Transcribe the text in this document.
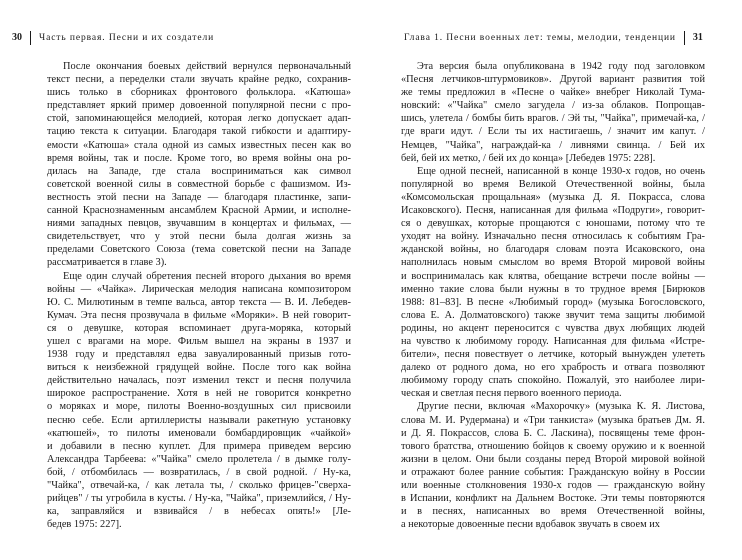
30 Часть первая. Песни и их создатели
После окончания боевых действий вернулся первоначальный
текст песни, а переделки стали звучать крайне редко, сохранив-
шись только в сборниках фронтового фольклора. «Катюша»
представляет яркий пример довоенной популярной песни с про-
стой, запоминающейся мелодией, которая легко допускает адап-
тацию текста к ситуации. Благодаря такой гибкости и адаптиру-
емости «Катюша» стала одной из самых известных песен как во
время войны, так и после. Кроме того, во время войны она ро-
дилась на Западе, где стала восприниматься как символ
советской военной силы в совместной борьбе с фашизмом. Из-
вестность этой песни на Западе — благодаря пластинке, запи-
санной Краснознаменным ансамблем Красной Армии, и исполне-
ниями западных певцов, звучавшим в концертах и фильмах, —
свидетельствует, что у этой песни была долгая жизнь за
пределами Советского Союза (тема советской песни на Западе
рассматривается в главе 3).
Еще один случай обретения песней второго дыхания во время
войны — «Чайка». Лирическая мелодия написана композитором
Ю. С. Милютиным в темпе вальса, автор текста — В. И. Лебедев-
Кумач. Эта песня прозвучала в фильме «Моряки». В ней говорит-
ся о девушке, которая вспоминает друга-моряка, который
ушел с врагами на море. Фильм вышел на экраны в 1937 и
1938 году и представлял едва завуалированный призыв гото-
виться к неизбежной грядущей войне. После того как война
действительно началась, поэт изменил текст и песня получила
широкое распространение. Хотя в ней не говорится конкретно
о моряках и море, пилоты Военно-воздушных сил присвоили
песню себе. Если артиллеристы называли ракетную установку
«катюшей», то пилоты именовали бомбардировщик «чайкой»
и добавили в песню куплет. Для примера приведем версию
Александра Тарбеева: «"Чайка" смело пролетела / в дымке голу-
бой, / отбомбилась — возвратилась, / в свой родной. / Ну-ка,
"Чайка", отвечай-ка, / как летала ты, / сколько фрицев-"сверха-
рийцев" / ты угробила в кусты. / Ну-ка, "Чайка", приземлийся, / Ну-
ка, заправляйся и взвивайся / в небесах опять!» [Ле-
бедев 1975: 227].
Глава 1. Песни военных лет: темы, мелодии, тенденции 31
Эта версия была опубликована в 1942 году под заголовком
«Песня летчиков-штурмовиков». Другой вариант развития той
же темы предложил в «Песне о чайке» внебрег Николай Тума-
новский: «"Чайка" смело загудела / из-за облаков. Попрощав-
шись, улетела / бомбы бить врагов. / Эй ты, "Чайка", примечай-ка, /
где враги идут. / Если ты их настигаешь, / значит им капут. /
Немцев, "Чайка", награждай-ка / ливнями свинца. / Бей их
бей, бей их метко, / бей их до конца» [Лебедев 1975: 228].
Еще одной песней, написанной в конце 1930-х годов, но очень
популярной во время Великой Отечественной войны, была
«Комсомольская прощальная» (музыка Д. Я. Покрасса, слова
Исаковского). Песня, написанная для фильма «Подруги», говорит-
ся о девушках, которые прощаются с юношами, потому что те
уходят на войну. Изначально песня относилась к событиям Гра-
жданской войны, но благодаря словам поэта Исаковского, она
наполнилась новым смыслом во время Второй мировой войны
и воспринималась как клятва, обещание встречи после войны —
именно такие слова были нужны в то трудное время [Бирюков
1988: 81–83]. В песне «Любимый город» (музыка Богословского,
слова Е. А. Долматовского) также звучит тема защиты любимой
родины, но акцент переносится с чувства двух любящих людей
на чувство к любимому городу. Написанная для фильма «Истре-
бители», песня повествует о летчике, который вынужден улететь
далеко от родного дома, но его храбрость и отвага позволяют
любимому городу спать спокойно. Пожалуй, это наиболее лири-
ческая и светлая песня первого военного периода.
Другие песни, включая «Махорочку» (музыка К. Я. Листова,
слова М. И. Рудермана) и «Три танкиста» (музыка братьев Дм. Я.
и Д. Я. Покрассов, слова Б. С. Ласкина), посвящены теме фрон-
тового братства, отношению бойцов к своему оружию и к военной
жизни в целом. Они были созданы перед Второй мировой войной
и отражают более ранние события: Гражданскую войну в России
или военные столкновения 1930-х годов — гражданскую войну
в Испании, конфликт на Дальнем Востоке. Эти темы повторяются
и в песнях, написанных во время Отечественной войны,
а некоторые довоенные песни вдобавок звучать в своем их
